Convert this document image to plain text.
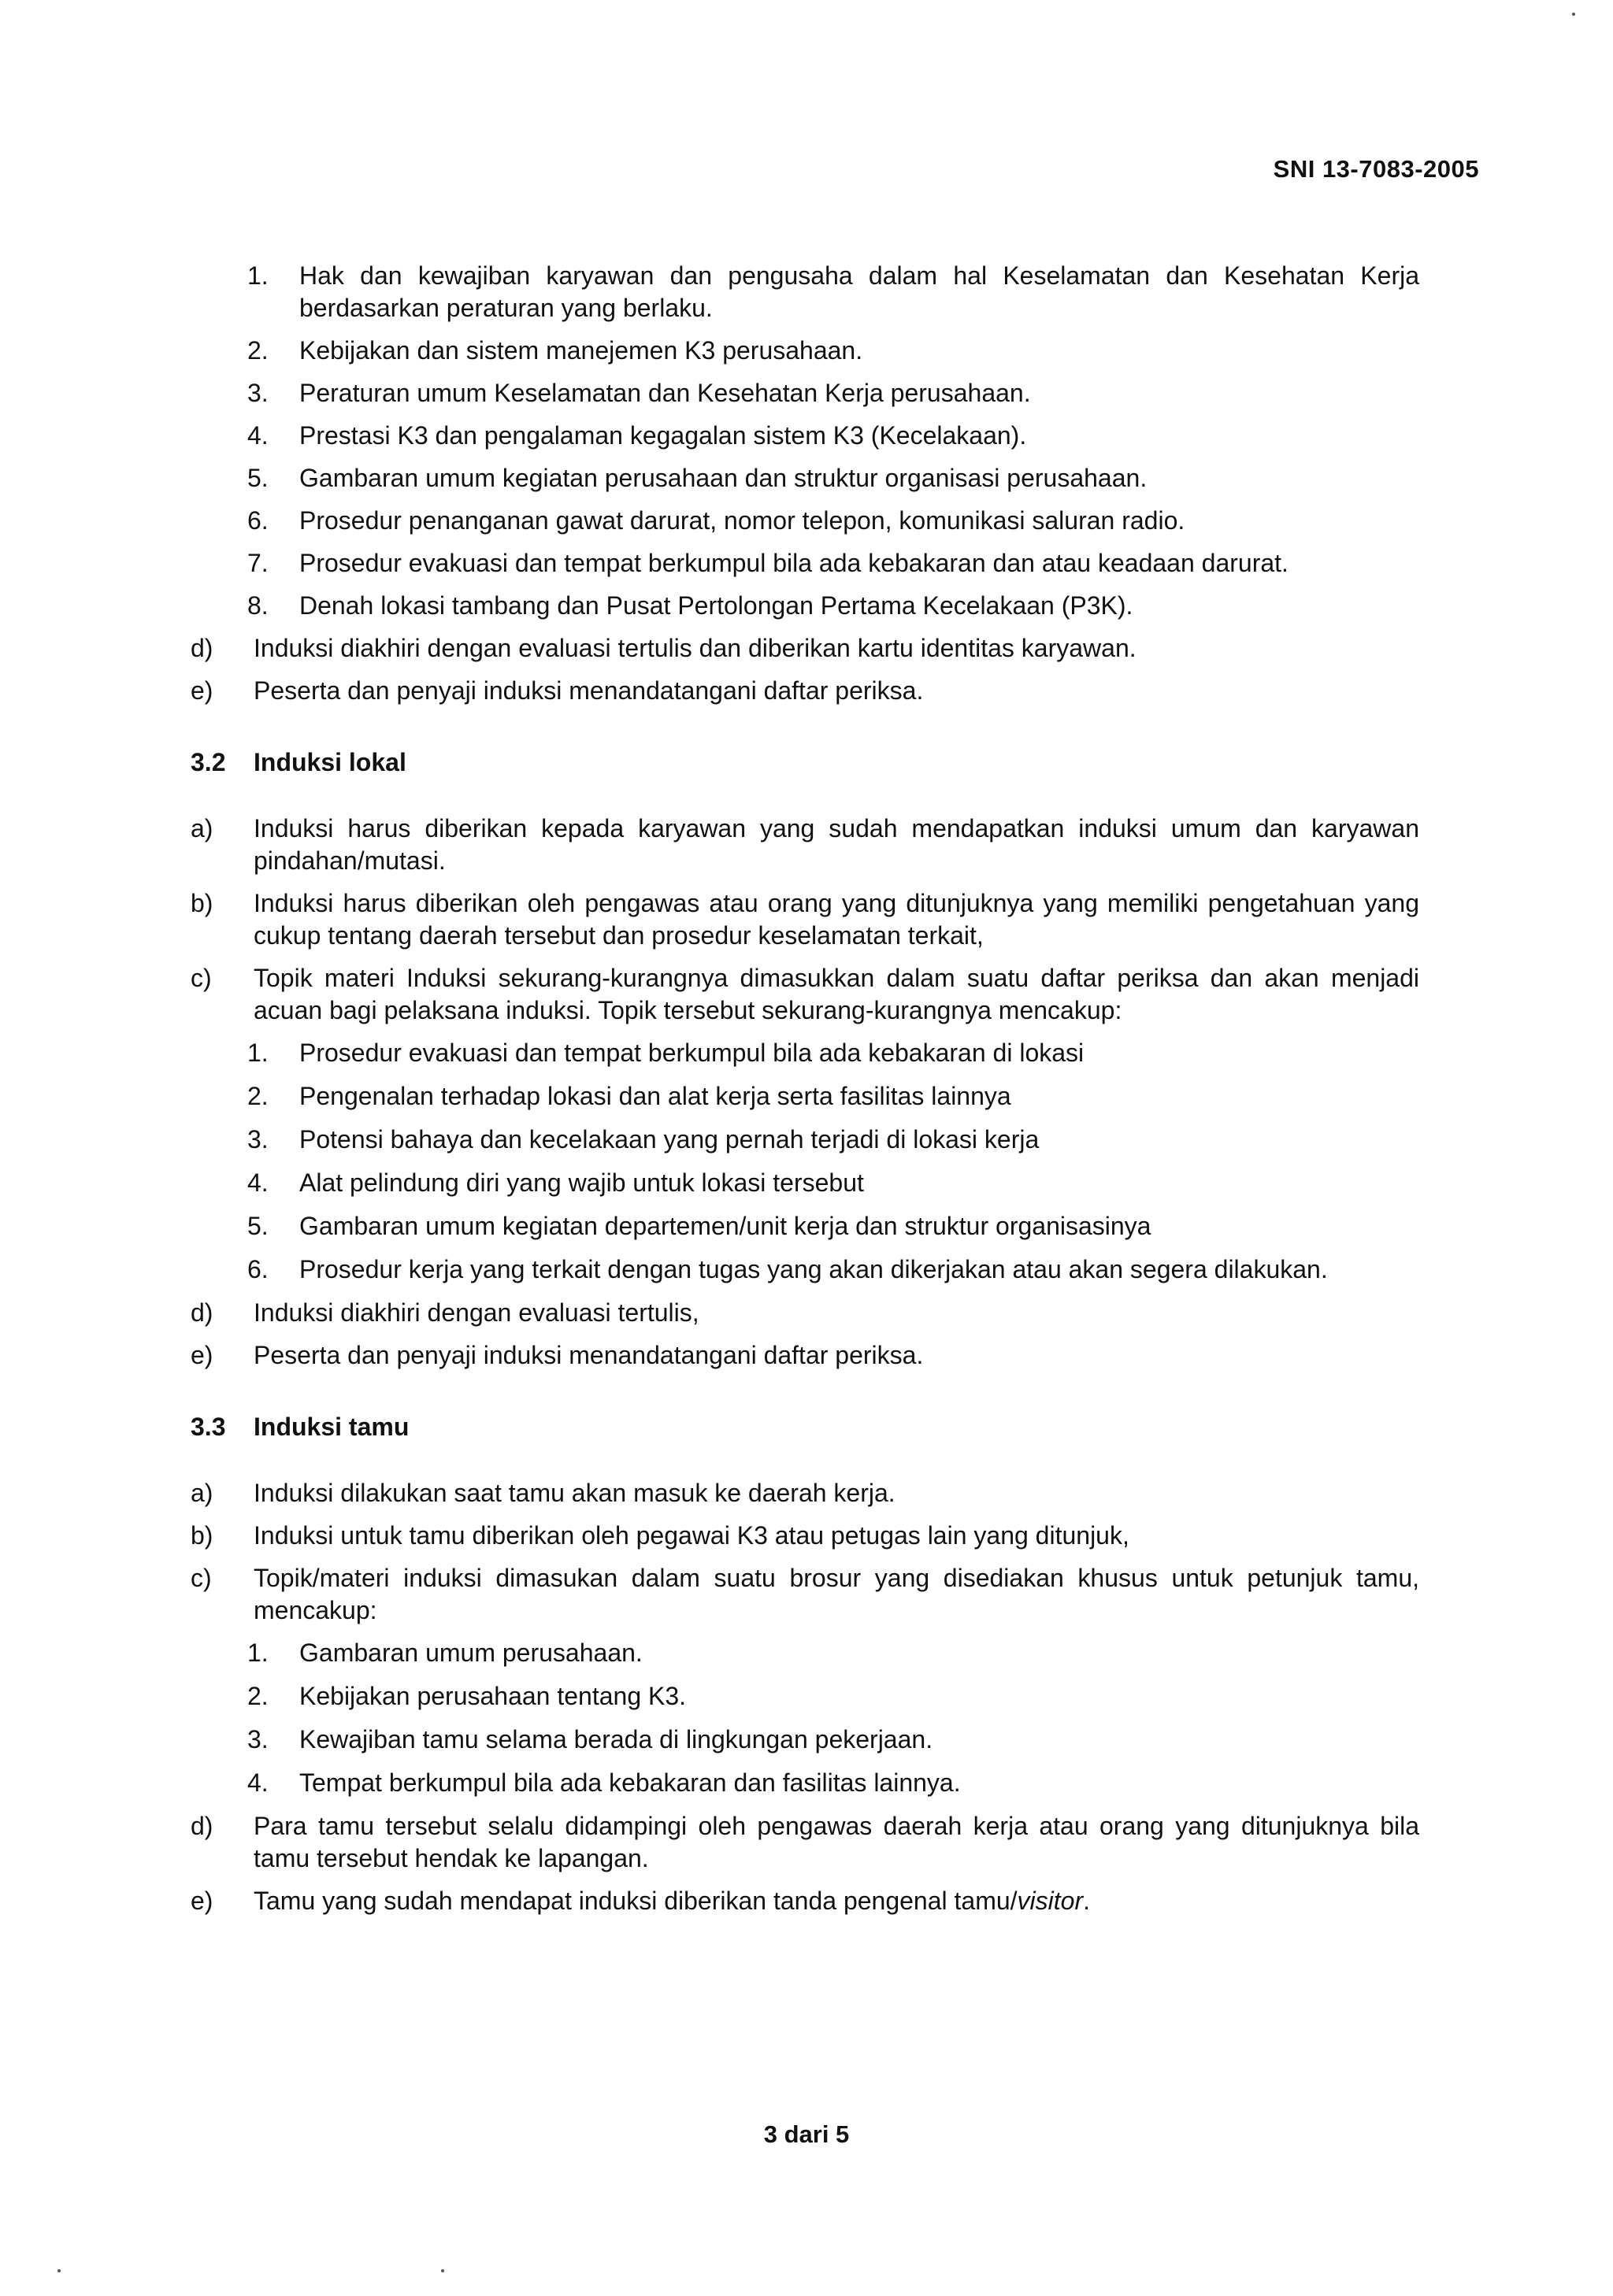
SNI 13-7083-2005
1.	Hak dan kewajiban karyawan dan pengusaha dalam hal Keselamatan dan Kesehatan Kerja berdasarkan peraturan yang berlaku.
2.	Kebijakan dan sistem manejemen K3 perusahaan.
3.	Peraturan umum Keselamatan dan Kesehatan Kerja perusahaan.
4.	Prestasi K3 dan pengalaman kegagalan sistem K3 (Kecelakaan).
5.	Gambaran umum kegiatan perusahaan dan struktur organisasi perusahaan.
6.	Prosedur penanganan gawat darurat, nomor telepon, komunikasi saluran radio.
7.	Prosedur evakuasi dan tempat berkumpul bila ada kebakaran dan atau keadaan darurat.
8.	Denah lokasi tambang dan Pusat Pertolongan Pertama Kecelakaan (P3K).
d)	Induksi diakhiri dengan evaluasi tertulis dan diberikan kartu identitas karyawan.
e)	Peserta dan penyaji induksi menandatangani daftar periksa.
3.2	Induksi lokal
a)	Induksi harus diberikan kepada karyawan yang sudah mendapatkan induksi umum dan karyawan pindahan/mutasi.
b)	Induksi harus diberikan oleh pengawas atau orang yang ditunjuknya yang memiliki pengetahuan yang cukup tentang daerah tersebut dan prosedur keselamatan terkait,
c)	Topik materi Induksi sekurang-kurangnya dimasukkan dalam suatu daftar periksa dan akan menjadi acuan bagi pelaksana induksi. Topik tersebut sekurang-kurangnya mencakup:
1.	Prosedur evakuasi dan tempat berkumpul bila ada kebakaran di lokasi
2.	Pengenalan terhadap lokasi dan alat kerja serta fasilitas lainnya
3.	Potensi bahaya dan kecelakaan yang pernah terjadi di lokasi kerja
4.	Alat pelindung diri yang wajib untuk lokasi tersebut
5.	Gambaran umum kegiatan departemen/unit kerja dan struktur organisasinya
6.	Prosedur kerja yang terkait dengan tugas yang akan dikerjakan atau akan segera dilakukan.
d)	Induksi diakhiri dengan evaluasi tertulis,
e)	Peserta dan penyaji induksi menandatangani daftar periksa.
3.3	Induksi tamu
a)	Induksi dilakukan saat tamu akan masuk ke daerah kerja.
b)	Induksi untuk tamu diberikan oleh pegawai K3 atau petugas lain yang ditunjuk,
c)	Topik/materi induksi dimasukan dalam suatu brosur yang disediakan khusus untuk petunjuk tamu, mencakup:
1.	Gambaran umum perusahaan.
2.	Kebijakan perusahaan tentang K3.
3.	Kewajiban tamu selama berada di lingkungan pekerjaan.
4.	Tempat berkumpul bila ada kebakaran dan fasilitas lainnya.
d)	Para tamu tersebut selalu didampingi oleh pengawas daerah kerja atau orang yang ditunjuknya bila tamu tersebut hendak ke lapangan.
e)	Tamu yang sudah mendapat induksi diberikan tanda pengenal tamu/visitor.
3 dari 5
